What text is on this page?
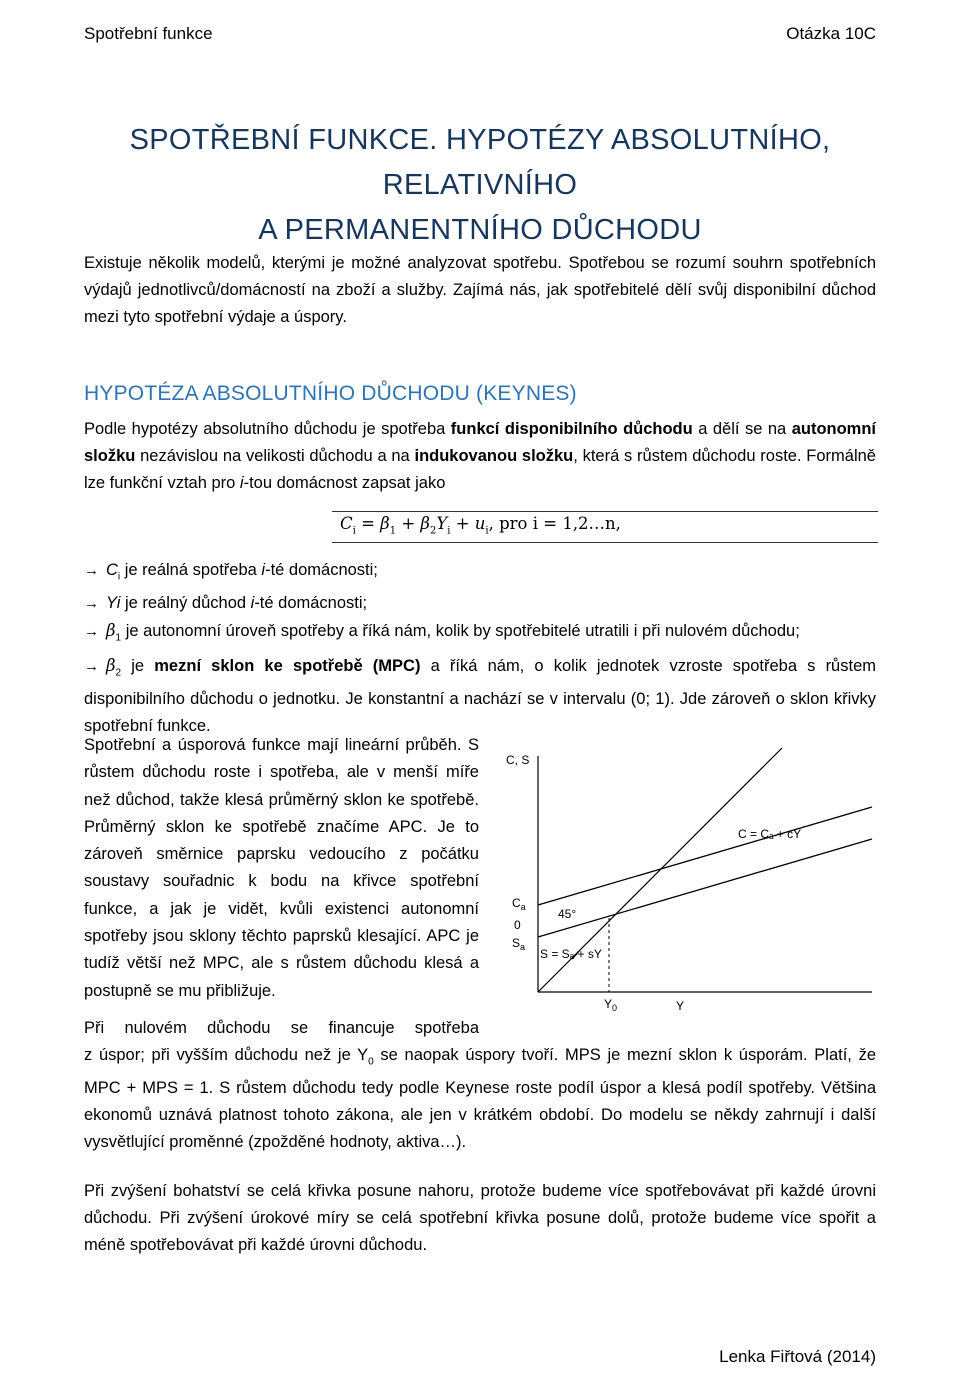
Spotřební funkce	Otázka 10C
SPOTŘEBNÍ FUNKCE. HYPOTÉZY ABSOLUTNÍHO, RELATIVNÍHO
A PERMANENTNÍHO DŮCHODU
Existuje několik modelů, kterými je možné analyzovat spotřebu. Spotřebou se rozumí souhrn spotřebních výdajů jednotlivců/domácností na zboží a služby. Zajímá nás, jak spotřebitelé dělí svůj disponibilní důchod mezi tyto spotřební výdaje a úspory.
HYPOTÉZA ABSOLUTNÍHO DŮCHODU (KEYNES)
Podle hypotézy absolutního důchodu je spotřeba funkcí disponibilního důchodu a dělí se na autonomní složku nezávislou na velikosti důchodu a na indukovanou složku, která s růstem důchodu roste. Formálně lze funkční vztah pro i-tou domácnost zapsat jako
$C_i = \beta_1 + \beta_2Y_i + u_i$, pro i = 1,2…n,
→ $C_i$ je reálná spotřeba i-té domácnosti;
→ Yi je reálný důchod i-té domácnosti;
→ $\beta_1$ je autonomní úroveň spotřeby a říká nám, kolik by spotřebitelé utratili i při nulovém důchodu;
→ $\beta_2$ je mezní sklon ke spotřebě (MPC) a říká nám, o kolik jednotek vzroste spotřeba s růstem disponibilního důchodu o jednotku. Je konstantní a nachází se v intervalu (0; 1). Jde zároveň o sklon křivky spotřební funkce.
Spotřební a úsporová funkce mají lineární průběh. S růstem důchodu roste i spotřeba, ale v menší míře než důchod, takže klesá průměrný sklon ke spotřebě. Průměrný sklon ke spotřebě značíme APC. Je to zároveň směrnice paprsku vedoucího z počátku soustavy souřadnic k bodu na křivce spotřební funkce, a jak je vidět, kvůli existenci autonomní spotřeby jsou sklony těchto paprsků klesající. APC je tudíž větší než MPC, ale s růstem důchodu klesá a postupně se mu přibližuje.
C, S
Y
$Y_0$
$C_a$
0
$S_a$
45°
C = Cₐ + cY
S = Sₐ + sY
Při nulovém důchodu se financuje spotřeba
z úspor; při vyšším důchodu než je $Y_0$ se naopak úspory tvoří. MPS je mezní sklon k úsporám. Platí, že MPC + MPS = 1. S růstem důchodu tedy podle Keynese roste podíl úspor a klesá podíl spotřeby. Většina ekonomů uznává platnost tohoto zákona, ale jen v krátkém období. Do modelu se někdy zahrnují i další vysvětlující proměnné (zpožděné hodnoty, aktiva…).
Při zvýšení bohatství se celá křivka posune nahoru, protože budeme více spotřebovávat při každé úrovni důchodu. Při zvýšení úrokové míry se celá spotřební křivka posune dolů, protože budeme více spořit a méně spotřebovávat při každé úrovni důchodu.
Lenka Fiřtová (2014)
